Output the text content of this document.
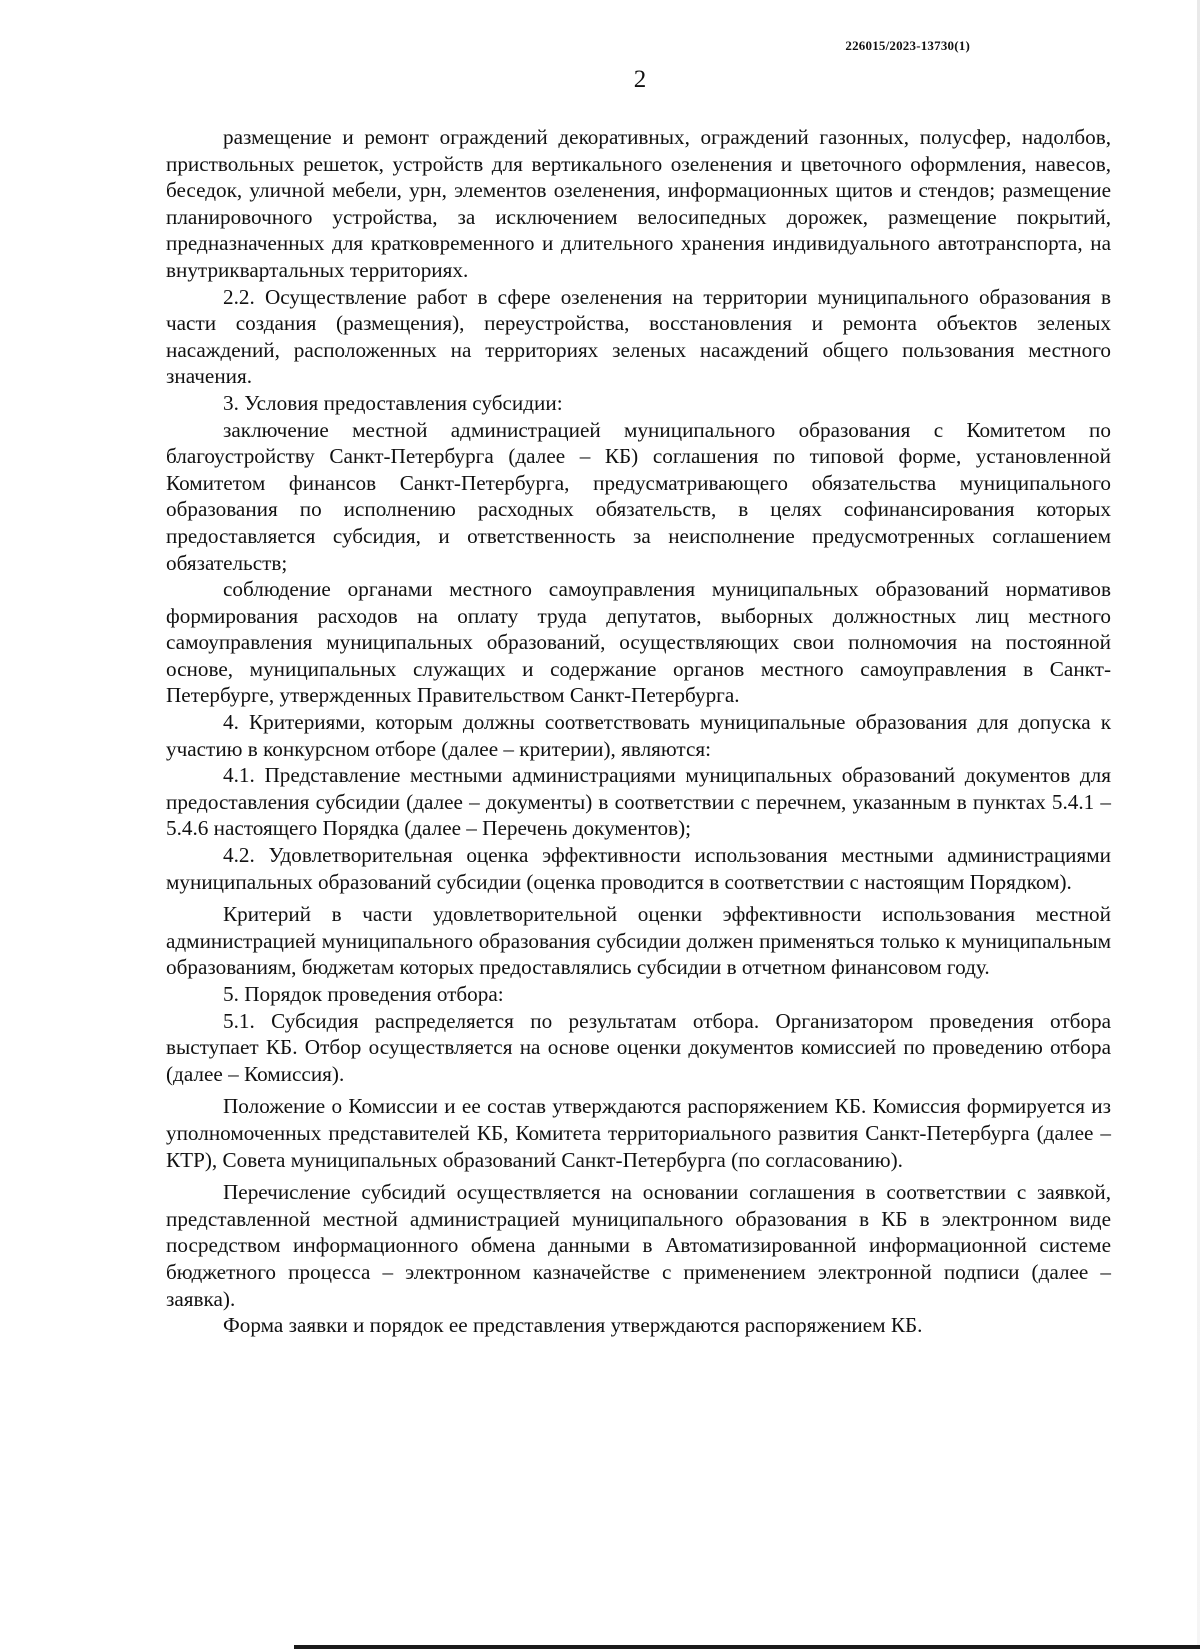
226015/2023-13730(1)
2

размещение и ремонт ограждений декоративных, ограждений газонных, полусфер, надолбов, приствольных решеток, устройств для вертикального озеленения и цветочного оформления, навесов, беседок, уличной мебели, урн, элементов озеленения, информационных щитов и стендов; размещение планировочного устройства, за исключением велосипедных дорожек, размещение покрытий, предназначенных для кратковременного и длительного хранения индивидуального автотранспорта, на внутриквартальных территориях.

2.2. Осуществление работ в сфере озеленения на территории муниципального образования в части создания (размещения), переустройства, восстановления и ремонта объектов зеленых насаждений, расположенных на территориях зеленых насаждений общего пользования местного значения.

3. Условия предоставления субсидии:

заключение местной администрацией муниципального образования с Комитетом по благоустройству Санкт-Петербурга (далее – КБ) соглашения по типовой форме, установленной Комитетом финансов Санкт-Петербурга, предусматривающего обязательства муниципального образования по исполнению расходных обязательств, в целях софинансирования которых предоставляется субсидия, и ответственность за неисполнение предусмотренных соглашением обязательств;

соблюдение органами местного самоуправления муниципальных образований нормативов формирования расходов на оплату труда депутатов, выборных должностных лиц местного самоуправления муниципальных образований, осуществляющих свои полномочия на постоянной основе, муниципальных служащих и содержание органов местного самоуправления в Санкт-Петербурге, утвержденных Правительством Санкт-Петербурга.

4. Критериями, которым должны соответствовать муниципальные образования для допуска к участию в конкурсном отборе (далее – критерии), являются:

4.1. Представление местными администрациями муниципальных образований документов для предоставления субсидии (далее – документы) в соответствии с перечнем, указанным в пунктах 5.4.1 – 5.4.6 настоящего Порядка (далее – Перечень документов);

4.2. Удовлетворительная оценка эффективности использования местными администрациями муниципальных образований субсидии (оценка проводится в соответствии с настоящим Порядком).

Критерий в части удовлетворительной оценки эффективности использования местной администрацией муниципального образования субсидии должен применяться только к муниципальным образованиям, бюджетам которых предоставлялись субсидии в отчетном финансовом году.

5. Порядок проведения отбора:

5.1. Субсидия распределяется по результатам отбора. Организатором проведения отбора выступает КБ. Отбор осуществляется на основе оценки документов комиссией по проведению отбора (далее – Комиссия).

Положение о Комиссии и ее состав утверждаются распоряжением КБ. Комиссия формируется из уполномоченных представителей КБ, Комитета территориального развития Санкт-Петербурга (далее – КТР), Совета муниципальных образований Санкт-Петербурга (по согласованию).

Перечисление субсидий осуществляется на основании соглашения в соответствии с заявкой, представленной местной администрацией муниципального образования в КБ в электронном виде посредством информационного обмена данными в Автоматизированной информационной системе бюджетного процесса – электронном казначействе с применением электронной подписи (далее – заявка).

Форма заявки и порядок ее представления утверждаются распоряжением КБ.
